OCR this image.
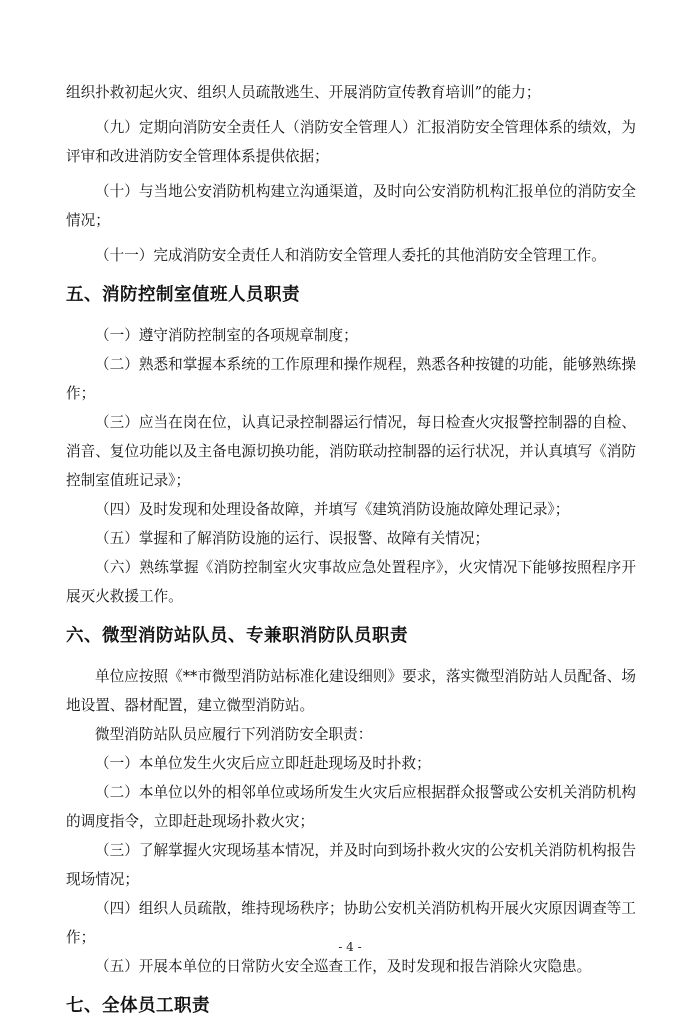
组织扑救初起火灾、组织人员疏散逃生、开展消防宣传教育培训”的能力；

（九）定期向消防安全责任人（消防安全管理人）汇报消防安全管理体系的绩效，为评审和改进消防安全管理体系提供依据；

（十）与当地公安消防机构建立沟通渠道，及时向公安消防机构汇报单位的消防安全情况；

（十一）完成消防安全责任人和消防安全管理人委托的其他消防安全管理工作。

五、消防控制室值班人员职责

（一）遵守消防控制室的各项规章制度；

（二）熟悉和掌握本系统的工作原理和操作规程，熟悉各种按键的功能，能够熟练操作；

（三）应当在岗在位，认真记录控制器运行情况，每日检查火灾报警控制器的自检、消音、复位功能以及主备电源切换功能，消防联动控制器的运行状况，并认真填写《消防控制室值班记录》；

（四）及时发现和处理设备故障，并填写《建筑消防设施故障处理记录》；

（五）掌握和了解消防设施的运行、误报警、故障有关情况；

（六）熟练掌握《消防控制室火灾事故应急处置程序》，火灾情况下能够按照程序开展灭火救援工作。

六、微型消防站队员、专兼职消防队员职责

单位应按照《**市微型消防站标准化建设细则》要求，落实微型消防站人员配备、场地设置、器材配置，建立微型消防站。

微型消防站队员应履行下列消防安全职责：

（一）本单位发生火灾后应立即赶赴现场及时扑救；

（二）本单位以外的相邻单位或场所发生火灾后应根据群众报警或公安机关消防机构的调度指令，立即赶赴现场扑救火灾；

（三）了解掌握火灾现场基本情况，并及时向到场扑救火灾的公安机关消防机构报告现场情况；

（四）组织人员疏散，维持现场秩序；协助公安机关消防机构开展火灾原因调查等工作；

（五）开展本单位的日常防火安全巡查工作，及时发现和报告消除火灾隐患。

七、全体员工职责
- 4 -
